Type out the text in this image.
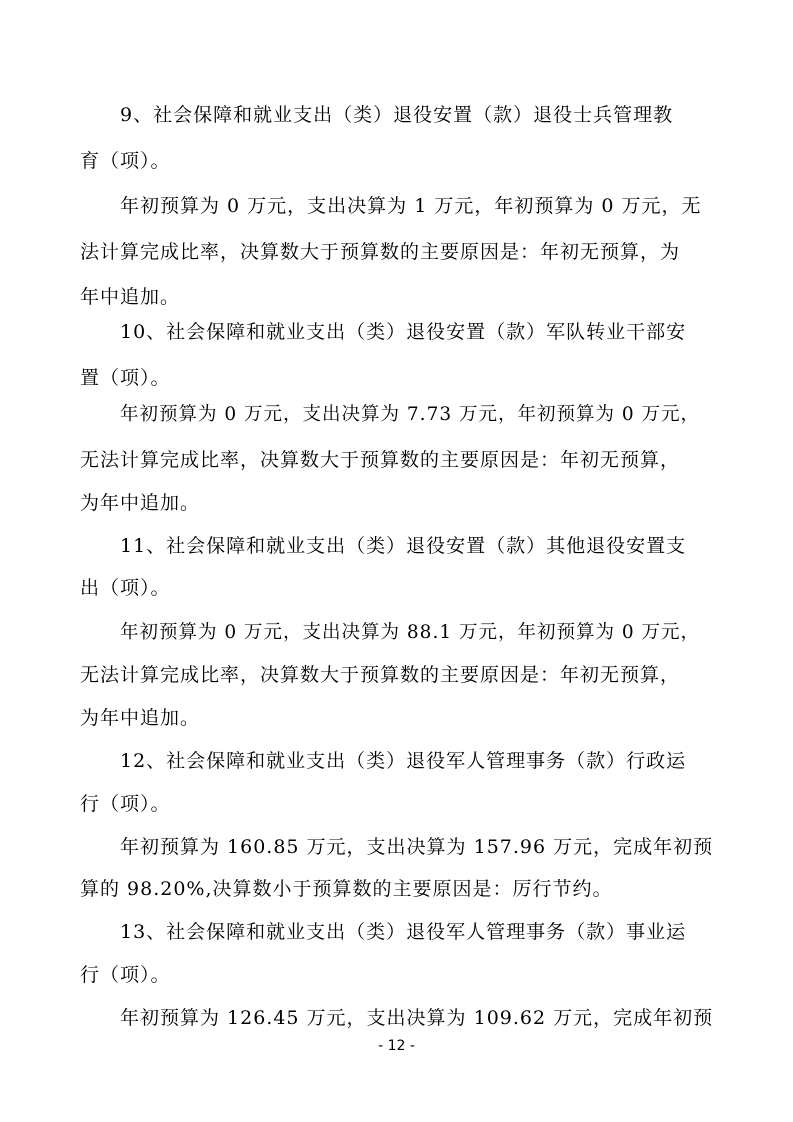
9、社会保障和就业支出（类）退役安置（款）退役士兵管理教
育（项）。
年初预算为 0 万元，支出决算为 1 万元，年初预算为 0 万元，无
法计算完成比率，决算数大于预算数的主要原因是：年初无预算，为
年中追加。
10、社会保障和就业支出（类）退役安置（款）军队转业干部安
置（项）。
年初预算为 0 万元，支出决算为 7.73 万元，年初预算为 0 万元，
无法计算完成比率，决算数大于预算数的主要原因是：年初无预算，
为年中追加。
11、社会保障和就业支出（类）退役安置（款）其他退役安置支
出（项）。
年初预算为 0 万元，支出决算为 88.1 万元，年初预算为 0 万元，
无法计算完成比率，决算数大于预算数的主要原因是：年初无预算，
为年中追加。
12、社会保障和就业支出（类）退役军人管理事务（款）行政运
行（项）。
年初预算为 160.85 万元，支出决算为 157.96 万元，完成年初预
算的 98.20%,决算数小于预算数的主要原因是：厉行节约。
13、社会保障和就业支出（类）退役军人管理事务（款）事业运
行（项）。
年初预算为 126.45 万元，支出决算为 109.62 万元，完成年初预
- 12 -
